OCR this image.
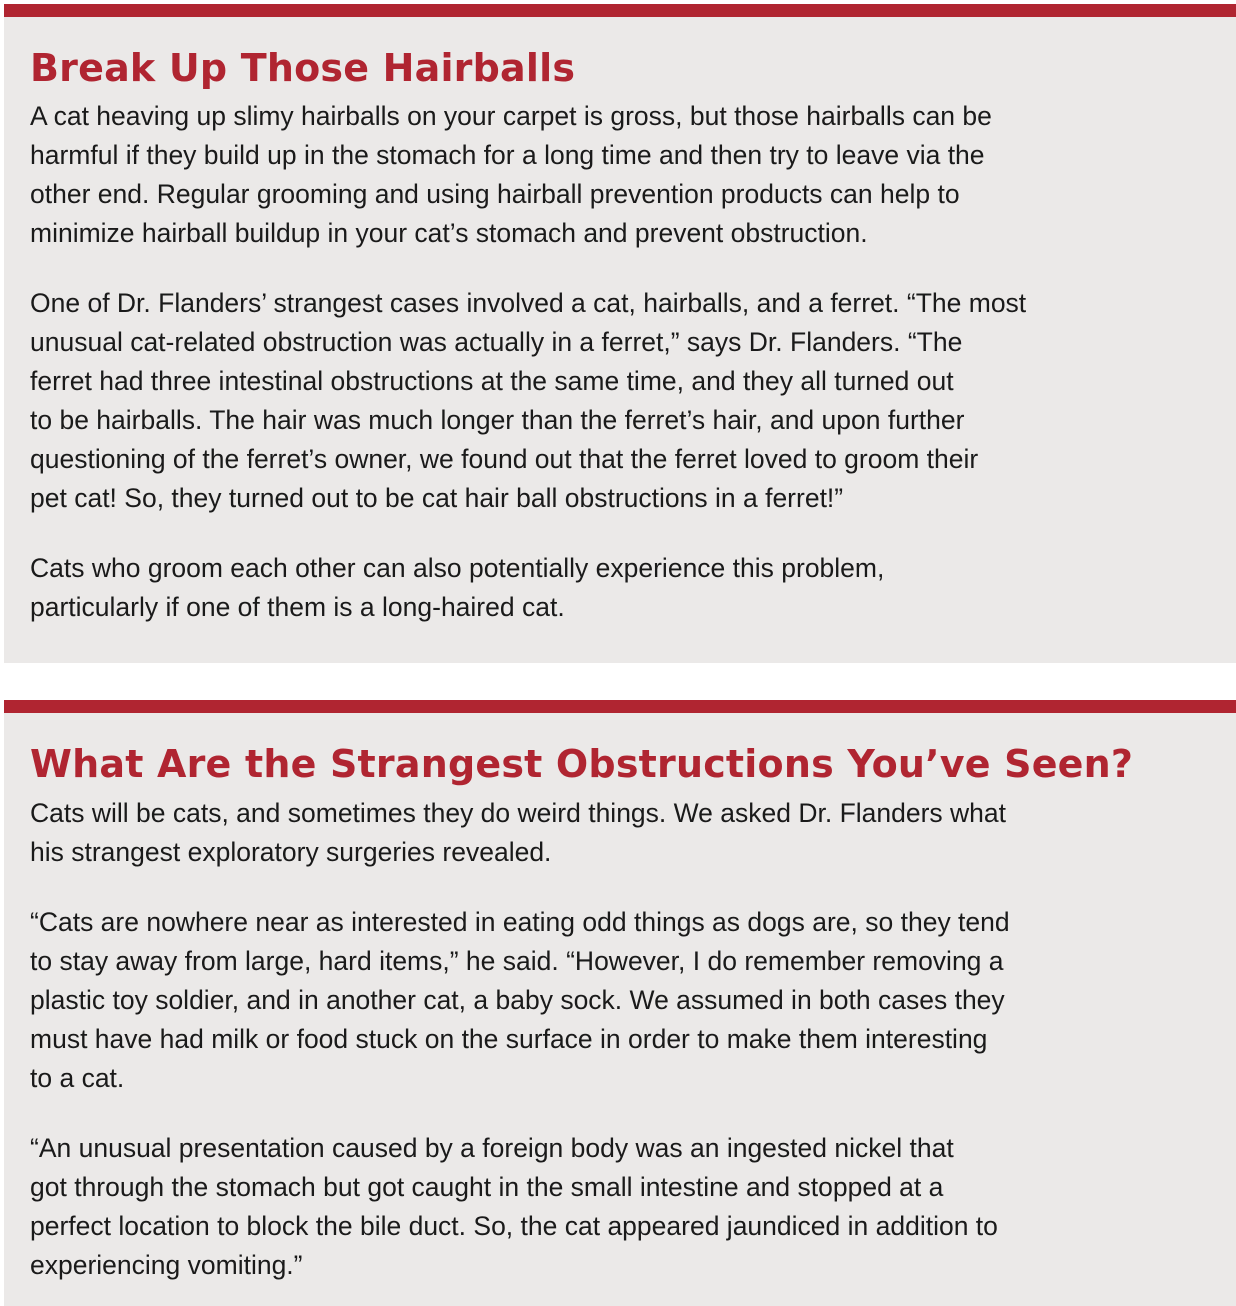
Break Up Those Hairballs

A cat heaving up slimy hairballs on your carpet is gross, but those hairballs can be
harmful if they build up in the stomach for a long time and then try to leave via the
other end. Regular grooming and using hairball prevention products can help to
minimize hairball buildup in your cat’s stomach and prevent obstruction.

One of Dr. Flanders’ strangest cases involved a cat, hairballs, and a ferret. “The most
unusual cat-related obstruction was actually in a ferret,” says Dr. Flanders. “The
ferret had three intestinal obstructions at the same time, and they all turned out
to be hairballs. The hair was much longer than the ferret’s hair, and upon further
questioning of the ferret’s owner, we found out that the ferret loved to groom their
pet cat! So, they turned out to be cat hair ball obstructions in a ferret!”

Cats who groom each other can also potentially experience this problem,
particularly if one of them is a long-haired cat.

What Are the Strangest Obstructions You’ve Seen?

Cats will be cats, and sometimes they do weird things. We asked Dr. Flanders what
his strangest exploratory surgeries revealed.

“Cats are nowhere near as interested in eating odd things as dogs are, so they tend
to stay away from large, hard items,” he said. “However, I do remember removing a
plastic toy soldier, and in another cat, a baby sock. We assumed in both cases they
must have had milk or food stuck on the surface in order to make them interesting
to a cat.

“An unusual presentation caused by a foreign body was an ingested nickel that
got through the stomach but got caught in the small intestine and stopped at a
perfect location to block the bile duct. So, the cat appeared jaundiced in addition to
experiencing vomiting.”
